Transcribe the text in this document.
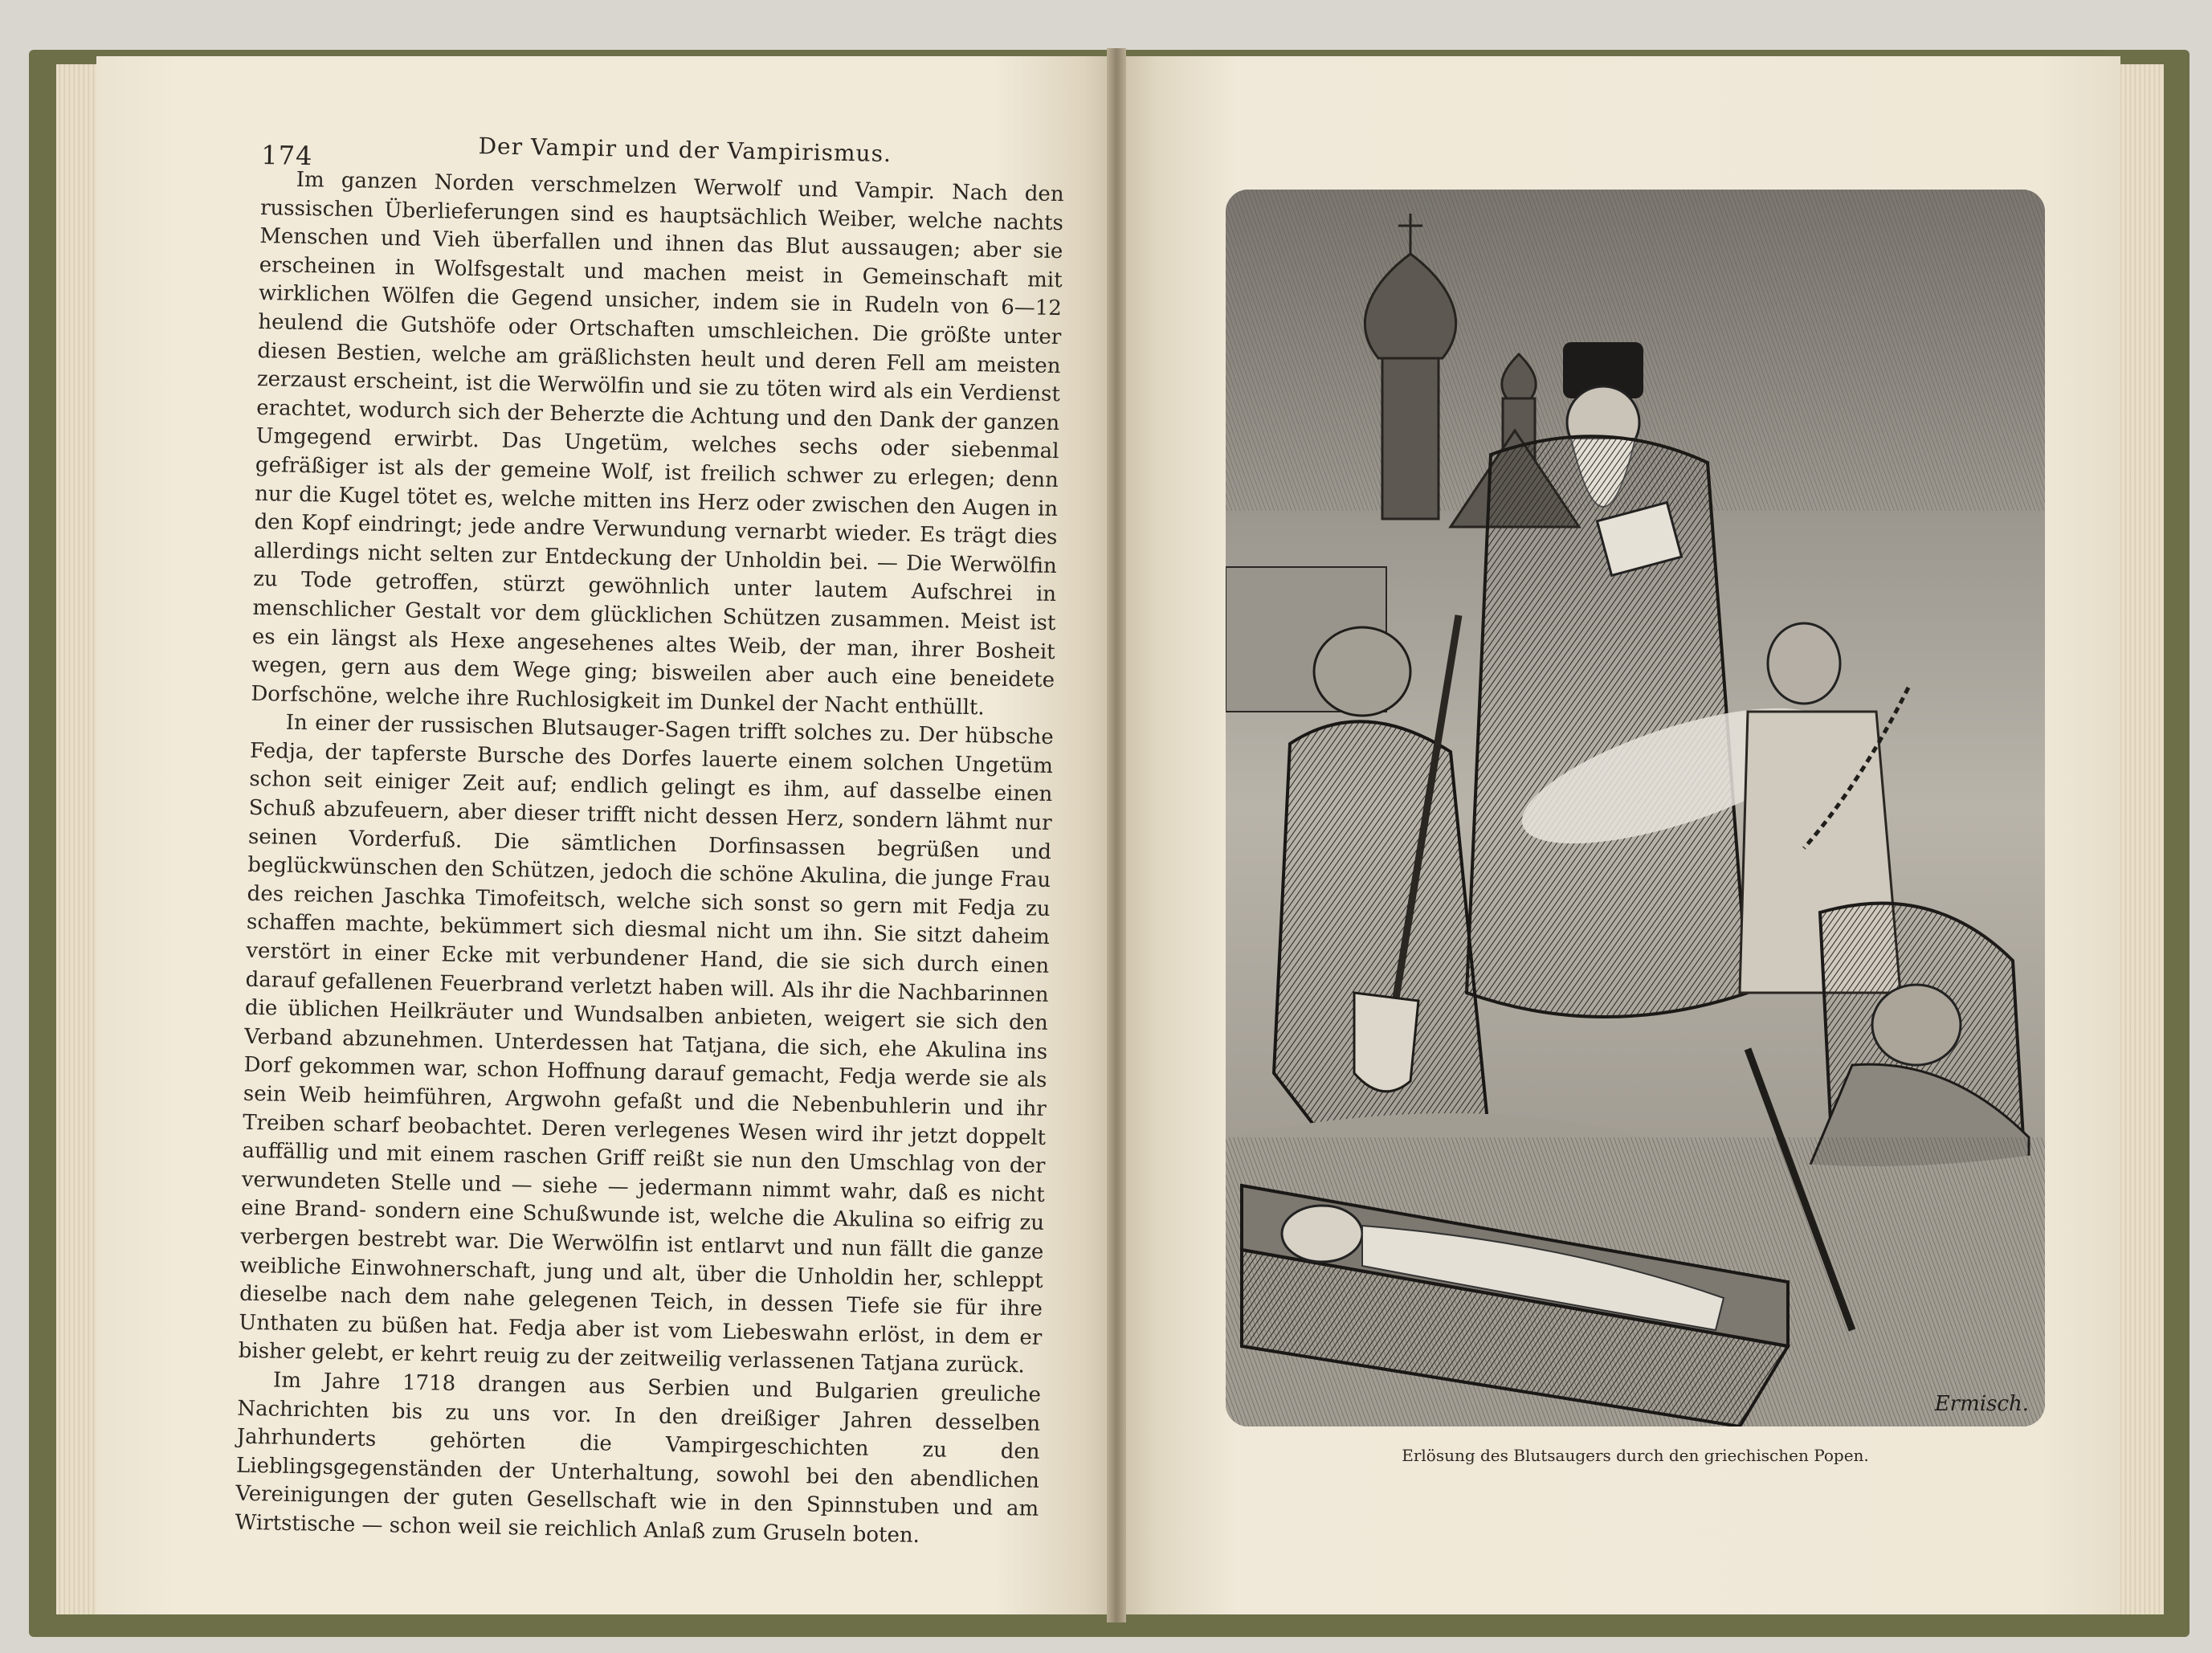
174	Der Vampir und der Vampirismus.

Im ganzen Norden verschmelzen Werwolf und Vampir. Nach den russischen Überlieferungen sind es hauptsächlich Weiber, welche nachts Menschen und Vieh überfallen und ihnen das Blut aussaugen; aber sie erscheinen in Wolfsgestalt und machen meist in Gemeinschaft mit wirklichen Wölfen die Gegend unsicher, indem sie in Rudeln von 6—12 heulend die Gutshöfe oder Ortschaften umschleichen. Die größte unter diesen Bestien, welche am gräßlichsten heult und deren Fell am meisten zerzaust erscheint, ist die Werwölfin und sie zu töten wird als ein Verdienst erachtet, wodurch sich der Beherzte die Achtung und den Dank der ganzen Umgegend erwirbt. Das Ungetüm, welches sechs oder siebenmal gefräßiger ist als der gemeine Wolf, ist freilich schwer zu erlegen; denn nur die Kugel tötet es, welche mitten ins Herz oder zwischen den Augen in den Kopf eindringt; jede andre Verwundung vernarbt wieder. Es trägt dies allerdings nicht selten zur Entdeckung der Unholdin bei. — Die Werwölfin zu Tode getroffen, stürzt gewöhnlich unter lautem Aufschrei in menschlicher Gestalt vor dem glücklichen Schützen zusammen. Meist ist es ein längst als Hexe angesehenes altes Weib, der man, ihrer Bosheit wegen, gern aus dem Wege ging; bisweilen aber auch eine beneidete Dorfschöne, welche ihre Ruchlosigkeit im Dunkel der Nacht enthüllt.

In einer der russischen Blutsauger-Sagen trifft solches zu. Der hübsche Fedja, der tapferste Bursche des Dorfes lauerte einem solchen Ungetüm schon seit einiger Zeit auf; endlich gelingt es ihm, auf dasselbe einen Schuß abzufeuern, aber dieser trifft nicht dessen Herz, sondern lähmt nur seinen Vorderfuß. Die sämtlichen Dorfinsassen begrüßen und beglückwünschen den Schützen, jedoch die schöne Akulina, die junge Frau des reichen Jaschka Timofeitsch, welche sich sonst so gern mit Fedja zu schaffen machte, bekümmert sich diesmal nicht um ihn. Sie sitzt daheim verstört in einer Ecke mit verbundener Hand, die sie sich durch einen darauf gefallenen Feuerbrand verletzt haben will. Als ihr die Nachbarinnen die üblichen Heilkräuter und Wundsalben anbieten, weigert sie sich den Verband abzunehmen. Unterdessen hat Tatjana, die sich, ehe Akulina ins Dorf gekommen war, schon Hoffnung darauf gemacht, Fedja werde sie als sein Weib heimführen, Argwohn gefaßt und die Nebenbuhlerin und ihr Treiben scharf beobachtet. Deren verlegenes Wesen wird ihr jetzt doppelt auffällig und mit einem raschen Griff reißt sie nun den Umschlag von der verwundeten Stelle und — siehe — jedermann nimmt wahr, daß es nicht eine Brand- sondern eine Schußwunde ist, welche die Akulina so eifrig zu verbergen bestrebt war. Die Werwölfin ist entlarvt und nun fällt die ganze weibliche Einwohnerschaft, jung und alt, über die Unholdin her, schleppt dieselbe nach dem nahe gelegenen Teich, in dessen Tiefe sie für ihre Unthaten zu büßen hat. Fedja aber ist vom Liebeswahn erlöst, in dem er bisher gelebt, er kehrt reuig zu der zeitweilig verlassenen Tatjana zurück.

Im Jahre 1718 drangen aus Serbien und Bulgarien greuliche Nachrichten bis zu uns vor. In den dreißiger Jahren desselben Jahrhunderts gehörten die Vampirgeschichten zu den Lieblingsgegenständen der Unterhaltung, sowohl bei den abendlichen Vereinigungen der guten Gesellschaft wie in den Spinnstuben und am Wirtstische — schon weil sie reichlich Anlaß zum Gruseln boten.

Ermisch.
Erlösung des Blutsaugers durch den griechischen Popen.
